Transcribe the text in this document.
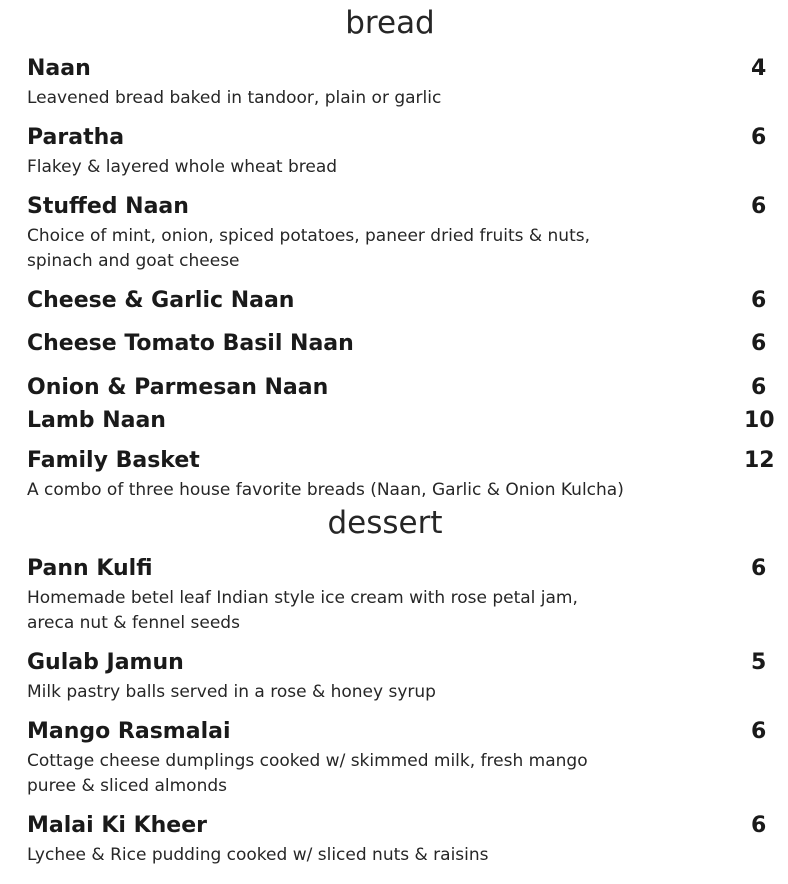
bread
Naan	4
Leavened bread baked in tandoor, plain or garlic
Paratha	6
Flakey & layered whole wheat bread
Stuffed Naan	6
Choice of mint, onion, spiced potatoes, paneer dried fruits & nuts,
spinach and goat cheese
Cheese & Garlic Naan	6
Cheese Tomato Basil Naan	6
Onion & Parmesan Naan	6
Lamb Naan	10
Family Basket	12
A combo of three house favorite breads (Naan, Garlic & Onion Kulcha)
dessert
Pann Kulfi	6
Homemade betel leaf Indian style ice cream with rose petal jam,
areca nut & fennel seeds
Gulab Jamun	5
Milk pastry balls served in a rose & honey syrup
Mango Rasmalai	6
Cottage cheese dumplings cooked w/ skimmed milk, fresh mango
puree & sliced almonds
Malai Ki Kheer	6
Lychee & Rice pudding cooked w/ sliced nuts & raisins
